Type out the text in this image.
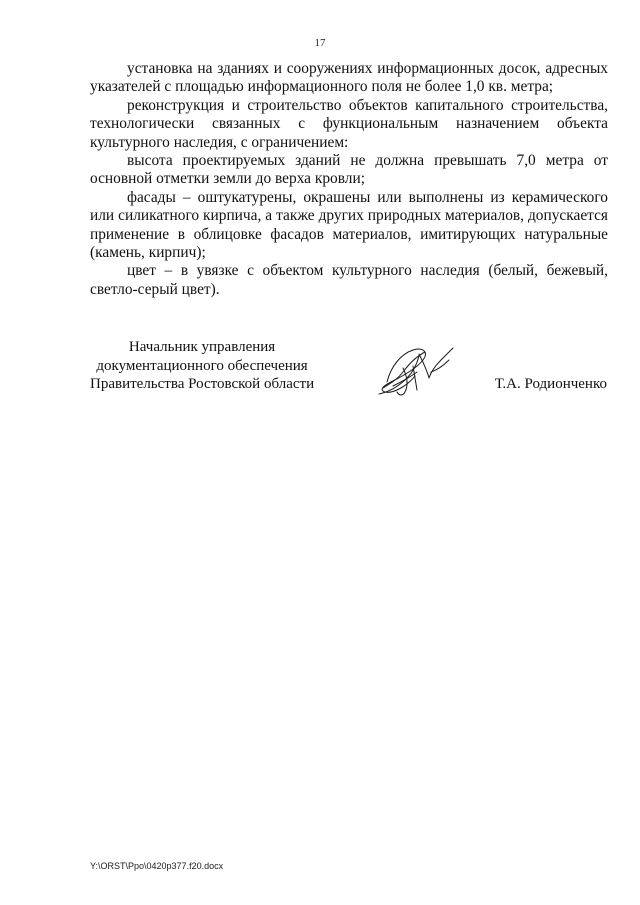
17

установка на зданиях и сооружениях информационных досок, адресных указателей с площадью информационного поля не более 1,0 кв. метра;

реконструкция и строительство объектов капитального строительства, технологически связанных с функциональным назначением объекта культурного наследия, с ограничением:

высота проектируемых зданий не должна превышать 7,0 метра от основной отметки земли до верха кровли;

фасады – оштукатурены, окрашены или выполнены из керамического или силикатного кирпича, а также других природных материалов, допускается применение в облицовке фасадов материалов, имитирующих натуральные (камень, кирпич);

цвет – в увязке с объектом культурного наследия (белый, бежевый, светло-серый цвет).

Начальник управления
документационного обеспечения
Правительства Ростовской области	Т.А. Родионченко
Y:\ORST\Ppo\0420p377.f20.docx
